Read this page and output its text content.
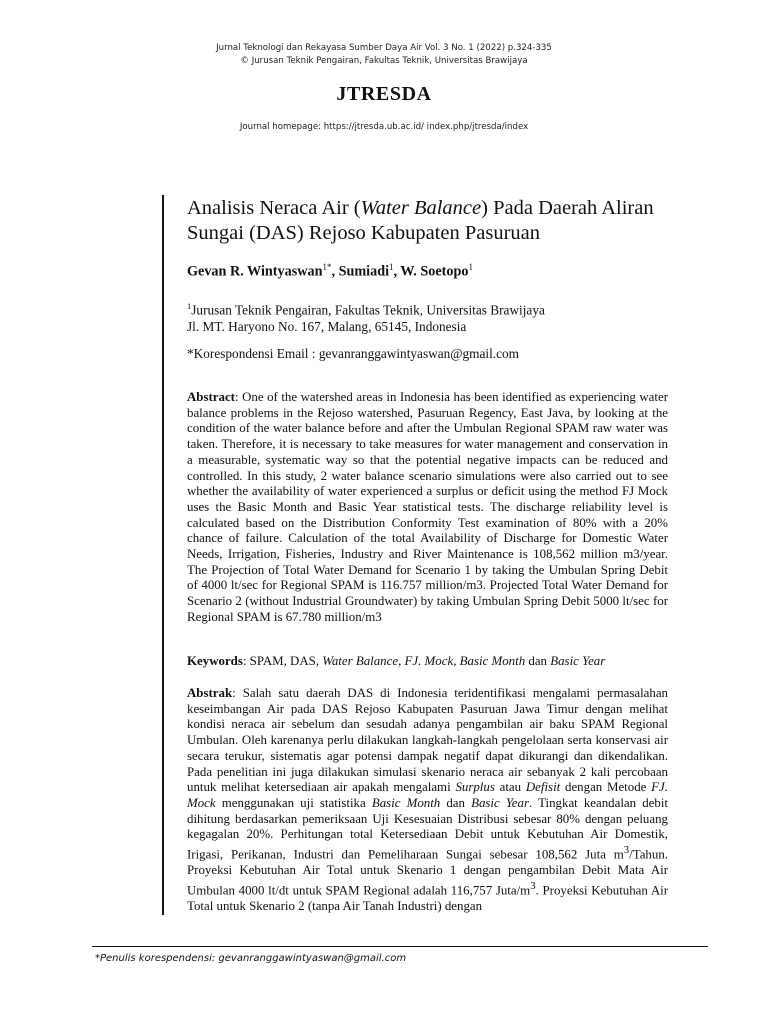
Jurnal Teknologi dan Rekayasa Sumber Daya Air Vol. 3 No. 1 (2022) p.324-335
© Jurusan Teknik Pengairan, Fakultas Teknik, Universitas Brawijaya
JTRESDA
Journal homepage: https://jtresda.ub.ac.id/ index.php/jtresda/index
Analisis Neraca Air (Water Balance) Pada Daerah Aliran Sungai (DAS) Rejoso Kabupaten Pasuruan
Gevan R. Wintyaswan$^{1*}$, Sumiadi$^1$, W. Soetopo$^1$
$^1$Jurusan Teknik Pengairan, Fakultas Teknik, Universitas Brawijaya
Jl. MT. Haryono No. 167, Malang, 65145, Indonesia
*Korespondensi Email : gevanranggawintyaswan@gmail.com
Abstract: One of the watershed areas in Indonesia has been identified as experiencing water balance problems in the Rejoso watershed, Pasuruan Regency, East Java, by looking at the condition of the water balance before and after the Umbulan Regional SPAM raw water was taken. Therefore, it is necessary to take measures for water management and conservation in a measurable, systematic way so that the potential negative impacts can be reduced and controlled. In this study, 2 water balance scenario simulations were also carried out to see whether the availability of water experienced a surplus or deficit using the method FJ Mock uses the Basic Month and Basic Year statistical tests. The discharge reliability level is calculated based on the Distribution Conformity Test examination of 80% with a 20% chance of failure. Calculation of the total Availability of Discharge for Domestic Water Needs, Irrigation, Fisheries, Industry and River Maintenance is 108,562 million m3/year. The Projection of Total Water Demand for Scenario 1 by taking the Umbulan Spring Debit of 4000 lt/sec for Regional SPAM is 116.757 million/m3. Projected Total Water Demand for Scenario 2 (without Industrial Groundwater) by taking Umbulan Spring Debit 5000 lt/sec for Regional SPAM is 67.780 million/m3
Keywords: SPAM, DAS, Water Balance, FJ. Mock, Basic Month dan Basic Year
Abstrak: Salah satu daerah DAS di Indonesia teridentifikasi mengalami permasalahan keseimbangan Air pada DAS Rejoso Kabupaten Pasuruan Jawa Timur dengan melihat kondisi neraca air sebelum dan sesudah adanya pengambilan air baku SPAM Regional Umbulan. Oleh karenanya perlu dilakukan langkah-langkah pengelolaan serta konservasi air secara terukur, sistematis agar potensi dampak negatif dapat dikurangi dan dikendalikan. Pada penelitian ini juga dilakukan simulasi skenario neraca air sebanyak 2 kali percobaan untuk melihat ketersediaan air apakah mengalami Surplus atau Defisit dengan Metode FJ. Mock menggunakan uji statistika Basic Month dan Basic Year. Tingkat keandalan debit dihitung berdasarkan pemeriksaan Uji Kesesuaian Distribusi sebesar 80% dengan peluang kegagalan 20%. Perhitungan total Ketersediaan Debit untuk Kebutuhan Air Domestik, Irigasi, Perikanan, Industri dan Pemeliharaan Sungai sebesar 108,562 Juta $m^3$/Tahun. Proyeksi Kebutuhan Air Total untuk Skenario 1 dengan pengambilan Debit Mata Air Umbulan 4000 lt/dt untuk SPAM Regional adalah 116,757 Juta/$m^3$. Proyeksi Kebutuhan Air Total untuk Skenario 2 (tanpa Air Tanah Industri) dengan
*Penulis korespendensi: gevanranggawintyaswan@gmail.com
